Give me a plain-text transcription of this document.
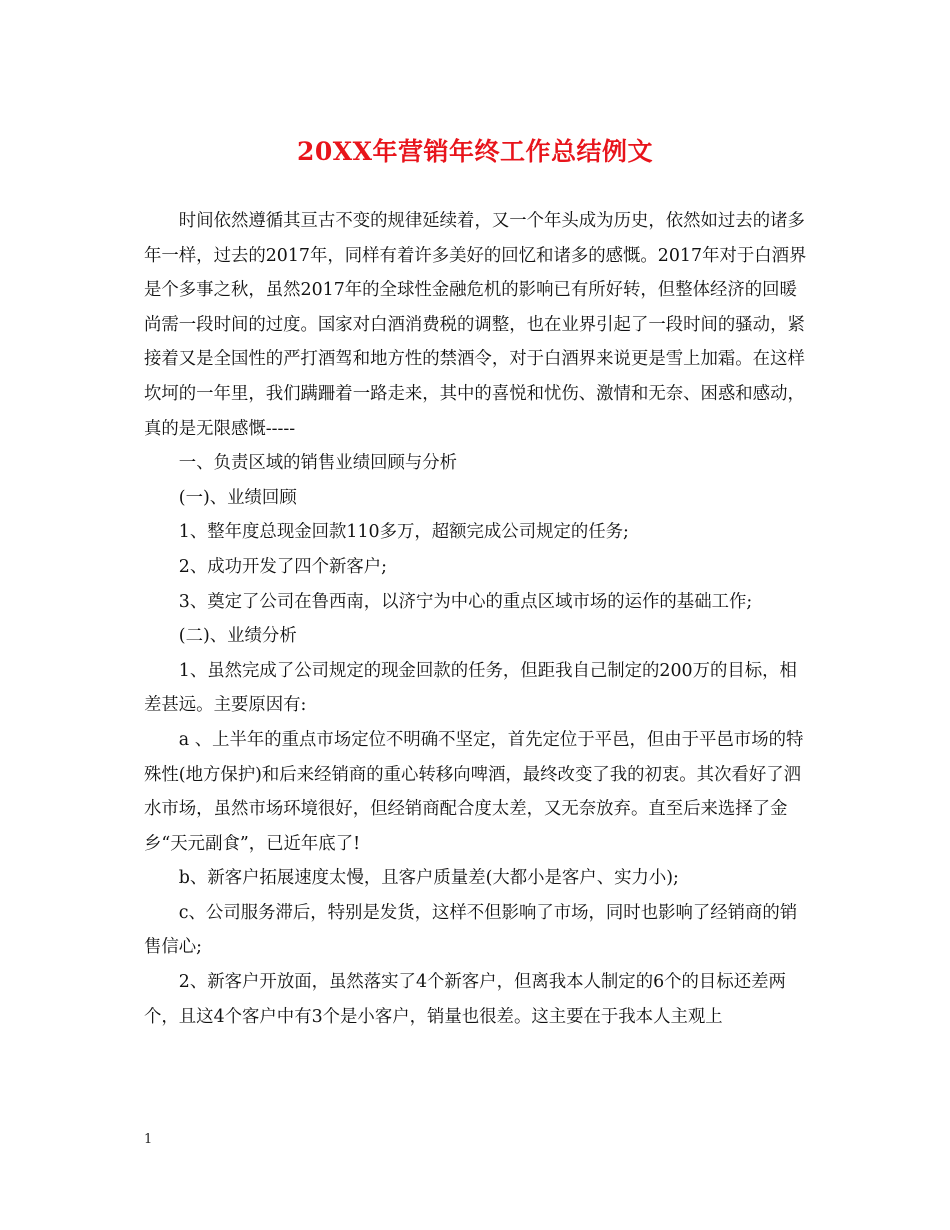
20XX年营销年终工作总结例文

时间依然遵循其亘古不变的规律延续着，又一个年头成为历史，依然如过去的诸多年一样，过去的2017年，同样有着许多美好的回忆和诸多的感慨。2017年对于白酒界是个多事之秋，虽然2017年的全球性金融危机的影响已有所好转，但整体经济的回暖尚需一段时间的过度。国家对白酒消费税的调整，也在业界引起了一段时间的骚动，紧接着又是全国性的严打酒驾和地方性的禁酒令，对于白酒界来说更是雪上加霜。在这样坎坷的一年里，我们蹒跚着一路走来，其中的喜悦和忧伤、激情和无奈、困惑和感动，真的是无限感慨-----

一、负责区域的销售业绩回顾与分析

(一)、业绩回顾

1、整年度总现金回款110多万，超额完成公司规定的任务;

2、成功开发了四个新客户;

3、奠定了公司在鲁西南，以济宁为中心的重点区域市场的运作的基础工作;

(二)、业绩分析

1、虽然完成了公司规定的现金回款的任务，但距我自己制定的200万的目标，相差甚远。主要原因有:

a 、上半年的重点市场定位不明确不坚定，首先定位于平邑，但由于平邑市场的特殊性(地方保护)和后来经销商的重心转移向啤酒，最终改变了我的初衷。其次看好了泗水市场，虽然市场环境很好，但经销商配合度太差，又无奈放弃。直至后来选择了金乡“天元副食”，已近年底了!

b、新客户拓展速度太慢，且客户质量差(大都小是客户、实力小);

c、公司服务滞后，特别是发货，这样不但影响了市场，同时也影响了经销商的销售信心;

2、新客户开放面，虽然落实了4个新客户，但离我本人制定的6个的目标还差两个，且这4个客户中有3个是小客户，销量也很差。这主要在于我本人主观上

1
